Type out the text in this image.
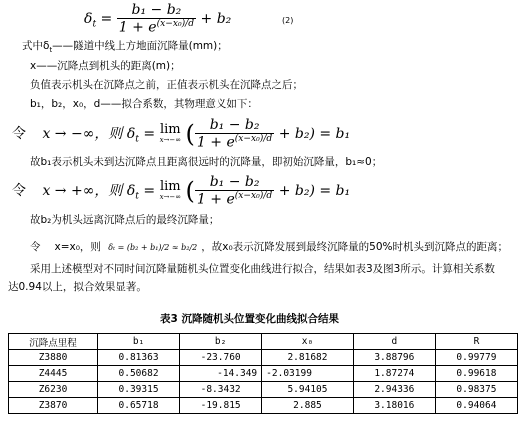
$\delta_t = \frac{\text{b₁ − b₂}}{1 + e^{(x-x_0)/d}} + b_2$	(2)
式中$\delta_t——$隧道中线上方地面沉降量(mm)；
x——沉降点到机头的距离(m)；
负值表示机头在沉降点之前，正值表示机头在沉降点之后；
b₁，b₂，x₀，d——拟合系数，其物理意义如下：
令 x → −∞，则 $\delta_t = \lim$
x→−∞ ( $\frac{\text{b₁ − b₂}}{1 + e^{(x-x_0)/d}} + b_2) = b_1$
故b₁表示机头未到达沉降点且距离很远时的沉降量，即初始沉降量，b₁≈0；
令 x → +∞，则 $\delta_t = \lim$
x→−∞ ( $\frac{\text{b₁ − b₂}}{1 + e^{(x-x_0)/d}} + b_2) = b_1$
故b₂为机头远离沉降点后的最终沉降量；
令 x=x₀，则 δₜ = (b₂ + b₁)/2 ≈ b₂/2 ，故x₀表示沉降发展到最终沉降量的50%时机头到沉降点的距离；
采用上述模型对不同时间沉降量随机头位置变化曲线进行拟合，结果如表3及图3所示。计算相关系数
达0.94以上，拟合效果显著。
表3 沉降随机头位置变化曲线拟合结果
沉降点里程	b₁	b₂	x₀	d	R
Z3880	0.81363	-23.760	2.81682	3.88796	0.99779
Z4445	0.50682	-14.349	-2.03199	1.87274	0.99618
Z6230	0.39315	-8.3432	5.94105	2.94336	0.98375
Z3870	0.65718	-19.815	2.885	3.18016	0.94064
